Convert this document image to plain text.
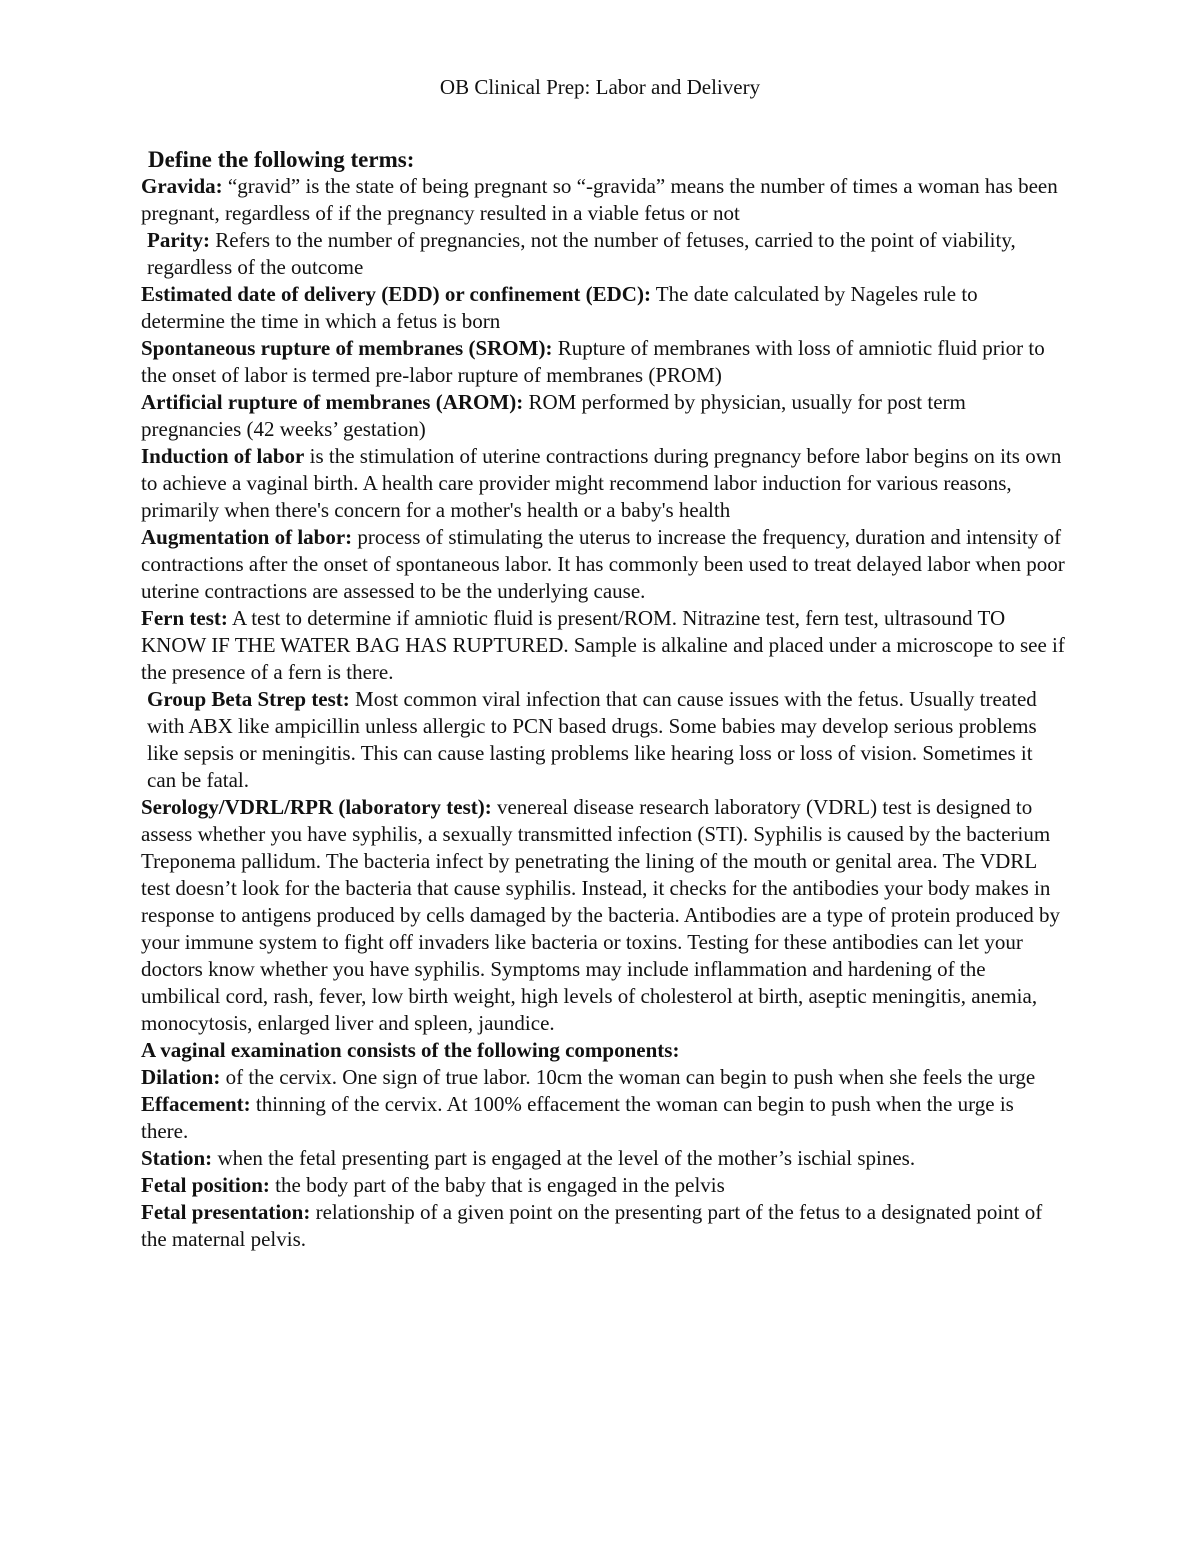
OB Clinical Prep: Labor and Delivery
Define the following terms:

Gravida: “gravid” is the state of being pregnant so “-gravida” means the number of times a woman has been pregnant, regardless of if the pregnancy resulted in a viable fetus or not

Parity: Refers to the number of pregnancies, not the number of fetuses, carried to the point of viability, regardless of the outcome

Estimated date of delivery (EDD) or confinement (EDC): The date calculated by Nageles rule to determine the time in which a fetus is born

Spontaneous rupture of membranes (SROM): Rupture of membranes with loss of amniotic fluid prior to the onset of labor is termed pre-labor rupture of membranes (PROM)

Artificial rupture of membranes (AROM): ROM performed by physician, usually for post term pregnancies (42 weeks’ gestation)

Induction of labor is the stimulation of uterine contractions during pregnancy before labor begins on its own to achieve a vaginal birth. A health care provider might recommend labor induction for various reasons, primarily when there's concern for a mother's health or a baby's health

Augmentation of labor: process of stimulating the uterus to increase the frequency, duration and intensity of contractions after the onset of spontaneous labor. It has commonly been used to treat delayed labor when poor uterine contractions are assessed to be the underlying cause.

Fern test: A test to determine if amniotic fluid is present/ROM. Nitrazine test, fern test, ultrasound TO KNOW IF THE WATER BAG HAS RUPTURED. Sample is alkaline and placed under a microscope to see if the presence of a fern is there.

Group Beta Strep test: Most common viral infection that can cause issues with the fetus. Usually treated with ABX like ampicillin unless allergic to PCN based drugs. Some babies may develop serious problems like sepsis or meningitis. This can cause lasting problems like hearing loss or loss of vision. Sometimes it can be fatal.

Serology/VDRL/RPR (laboratory test): venereal disease research laboratory (VDRL) test is designed to assess whether you have syphilis, a sexually transmitted infection (STI). Syphilis is caused by the bacterium Treponema pallidum. The bacteria infect by penetrating the lining of the mouth or genital area. The VDRL test doesn’t look for the bacteria that cause syphilis. Instead, it checks for the antibodies your body makes in response to antigens produced by cells damaged by the bacteria. Antibodies are a type of protein produced by your immune system to fight off invaders like bacteria or toxins. Testing for these antibodies can let your doctors know whether you have syphilis. Symptoms may include inflammation and hardening of the umbilical cord, rash, fever, low birth weight, high levels of cholesterol at birth, aseptic meningitis, anemia, monocytosis, enlarged liver and spleen, jaundice.

A vaginal examination consists of the following components:

Dilation: of the cervix. One sign of true labor. 10cm the woman can begin to push when she feels the urge

Effacement: thinning of the cervix. At 100% effacement the woman can begin to push when the urge is there.

Station: when the fetal presenting part is engaged at the level of the mother’s ischial spines.

Fetal position: the body part of the baby that is engaged in the pelvis

Fetal presentation: relationship of a given point on the presenting part of the fetus to a designated point of the maternal pelvis.
